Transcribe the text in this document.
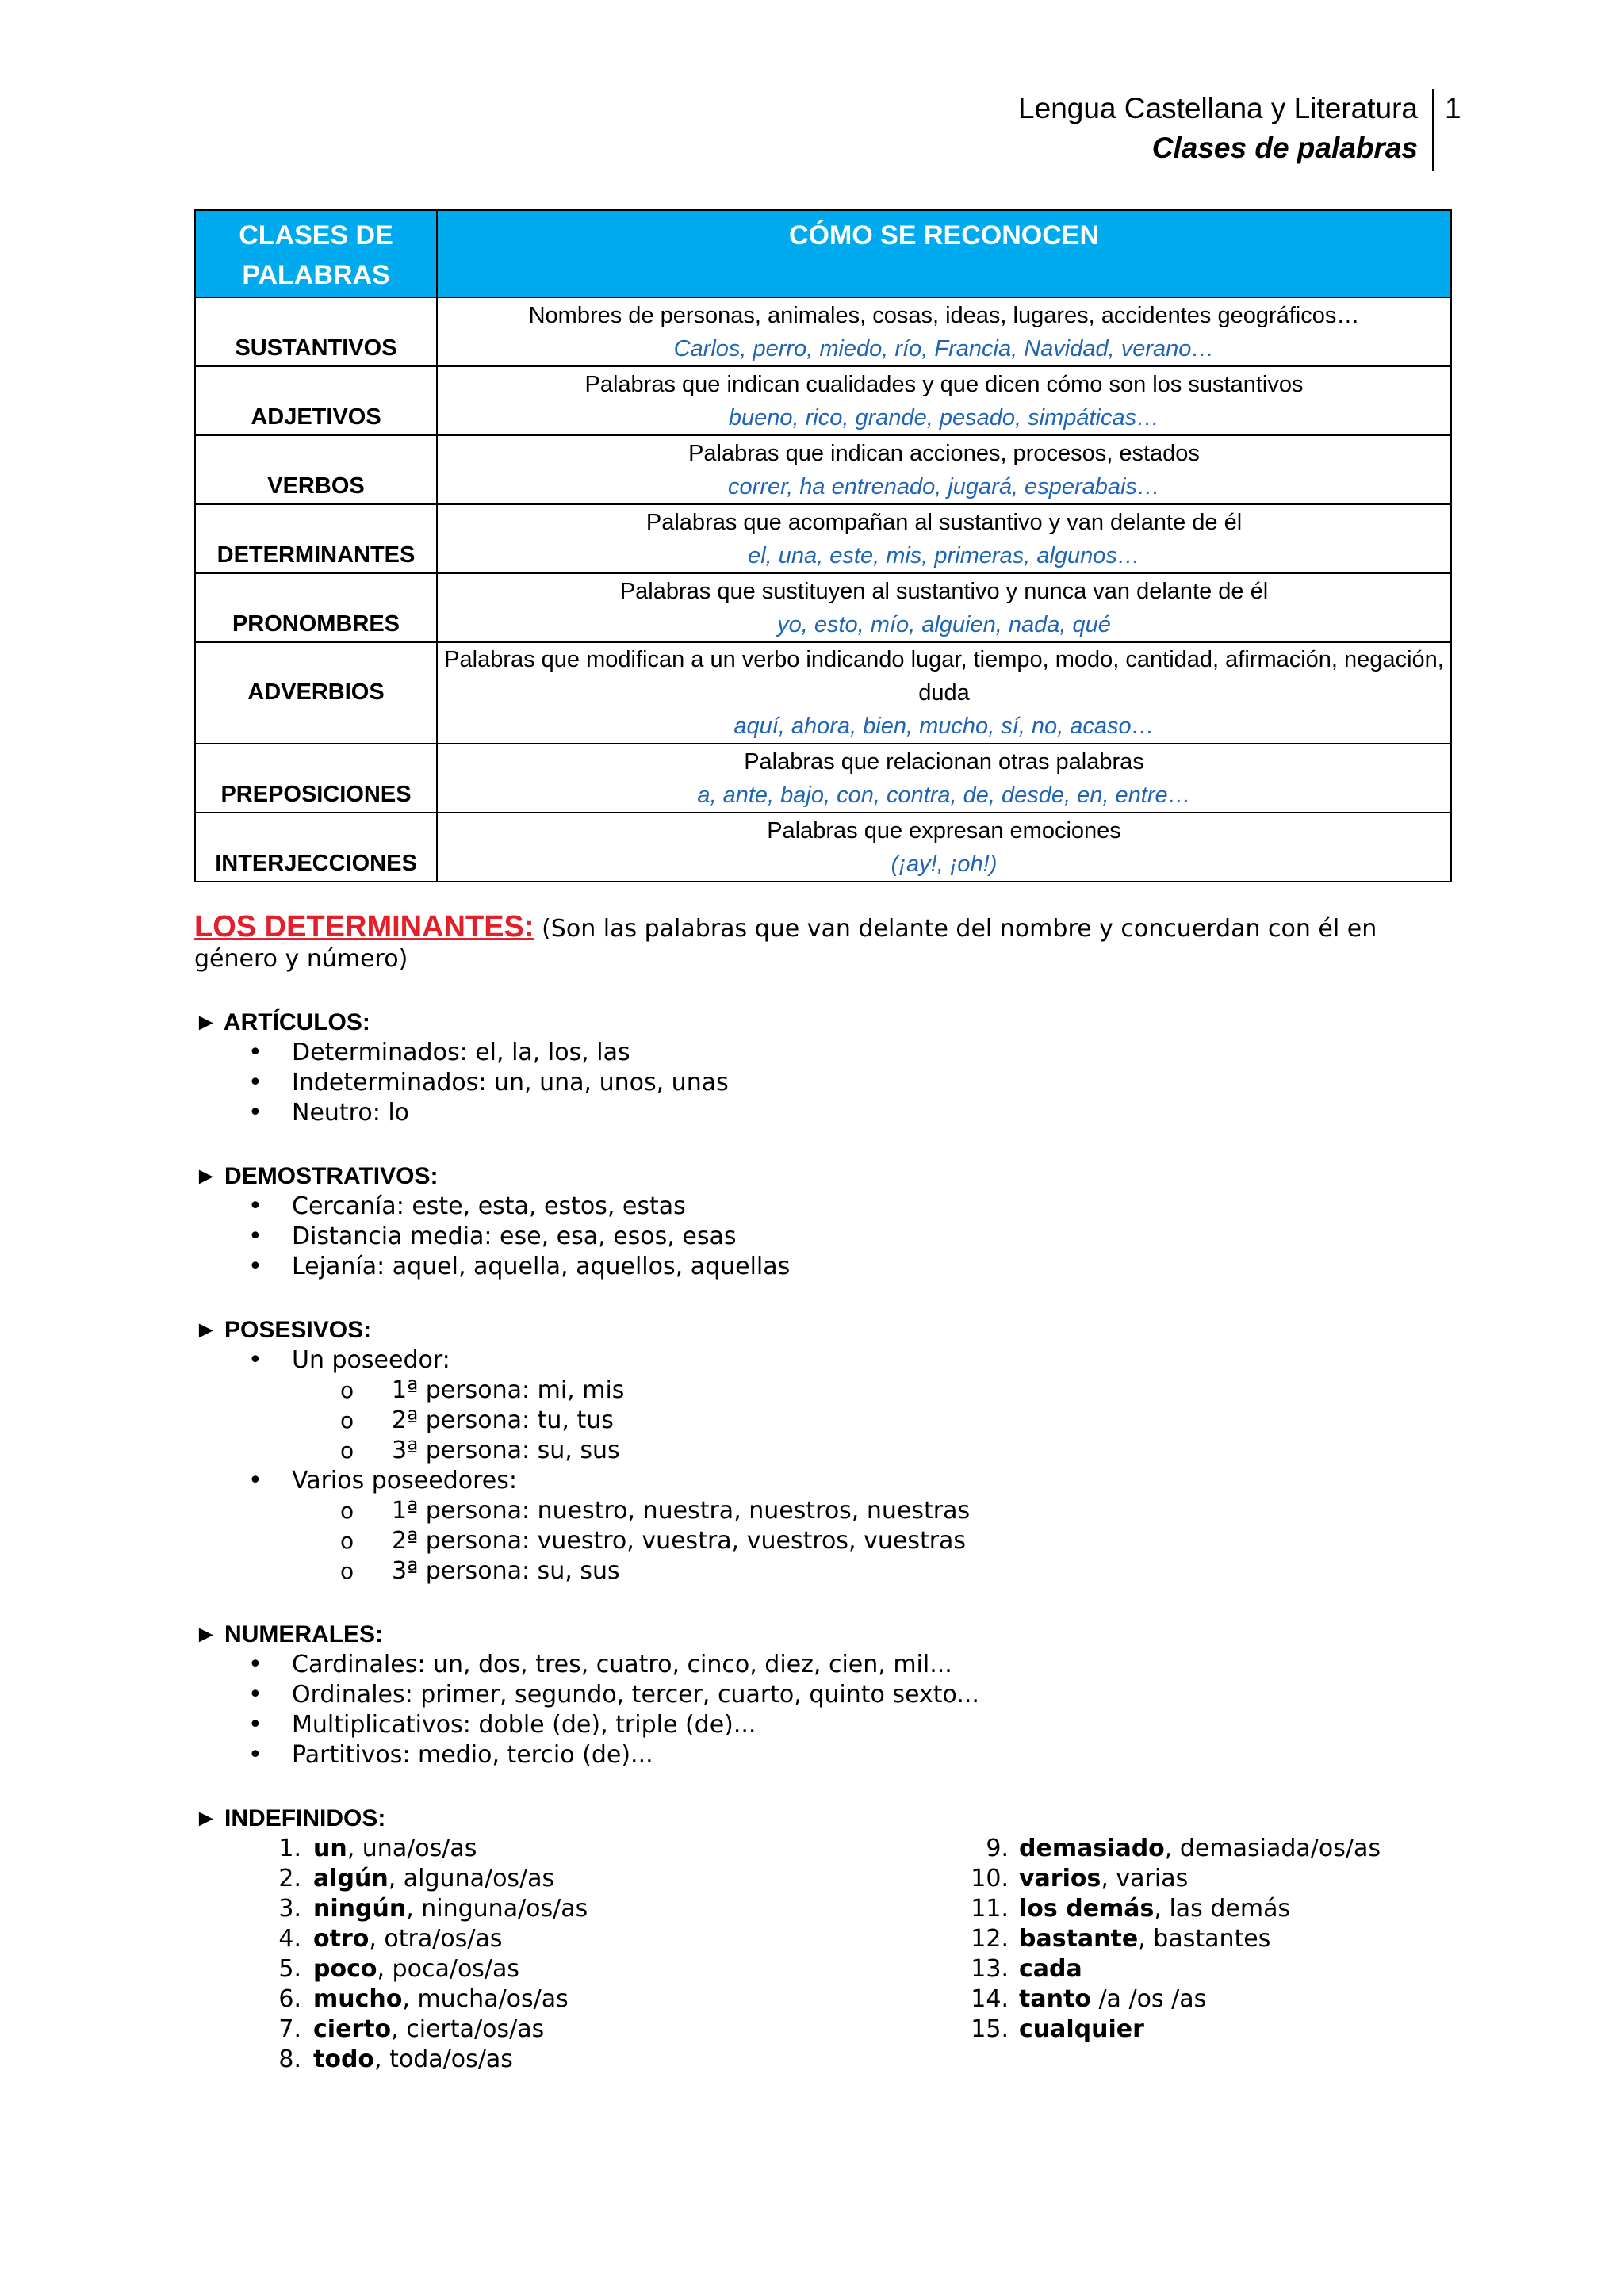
Lengua Castellana y Literatura
Clases de palabras
1
CLASES DE PALABRAS	CÓMO SE RECONOCEN
SUSTANTIVOS	Nombres de personas, animales, cosas, ideas, lugares, accidentes geográficos…
Carlos, perro, miedo, río, Francia, Navidad, verano…

ADJETIVOS	Palabras que indican cualidades y que dicen cómo son los sustantivos
bueno, rico, grande, pesado, simpáticas…

VERBOS	Palabras que indican acciones, procesos, estados
correr, ha entrenado, jugará, esperabais…

DETERMINANTES	Palabras que acompañan al sustantivo y van delante de él
el, una, este, mis, primeras, algunos…

PRONOMBRES	Palabras que sustituyen al sustantivo y nunca van delante de él
yo, esto, mío, alguien, nada, qué

ADVERBIOS	Palabras que modifican a un verbo indicando lugar, tiempo, modo, cantidad, afirmación, negación, duda
aquí, ahora, bien, mucho, sí, no, acaso…

PREPOSICIONES	Palabras que relacionan otras palabras
a, ante, bajo, con, contra, de, desde, en, entre…

INTERJECCIONES	Palabras que expresan emociones
(¡ay!, ¡oh!)

LOS DETERMINANTES: (Son las palabras que van delante del nombre y concuerdan con él en género y número)

► ARTÍCULOS:
• Determinados: el, la, los, las
• Indeterminados: un, una, unos, unas
• Neutro: lo
► DEMOSTRATIVOS:
• Cercanía: este, esta, estos, estas
• Distancia media: ese, esa, esos, esas
• Lejanía: aquel, aquella, aquellos, aquellas
► POSESIVOS:
• Un poseedor:
o 1ª persona: mi, mis
o 2ª persona: tu, tus
o 3ª persona: su, sus
• Varios poseedores:
o 1ª persona: nuestro, nuestra, nuestros, nuestras
o 2ª persona: vuestro, vuestra, vuestros, vuestras
o 3ª persona: su, sus
► NUMERALES:
• Cardinales: un, dos, tres, cuatro, cinco, diez, cien, mil...
• Ordinales: primer, segundo, tercer, cuarto, quinto sexto...
• Multiplicativos: doble (de), triple (de)...
• Partitivos: medio, tercio (de)...
► INDEFINIDOS:
1. un, una/os/as
2. algún, alguna/os/as
3. ningún, ninguna/os/as
4. otro, otra/os/as
5. poco, poca/os/as
6. mucho, mucha/os/as
7. cierto, cierta/os/as
8. todo, toda/os/as
9. demasiado, demasiada/os/as
10. varios, varias
11. los demás, las demás
12. bastante, bastantes
13. cada
14. tanto /a /os /as
15. cualquier
